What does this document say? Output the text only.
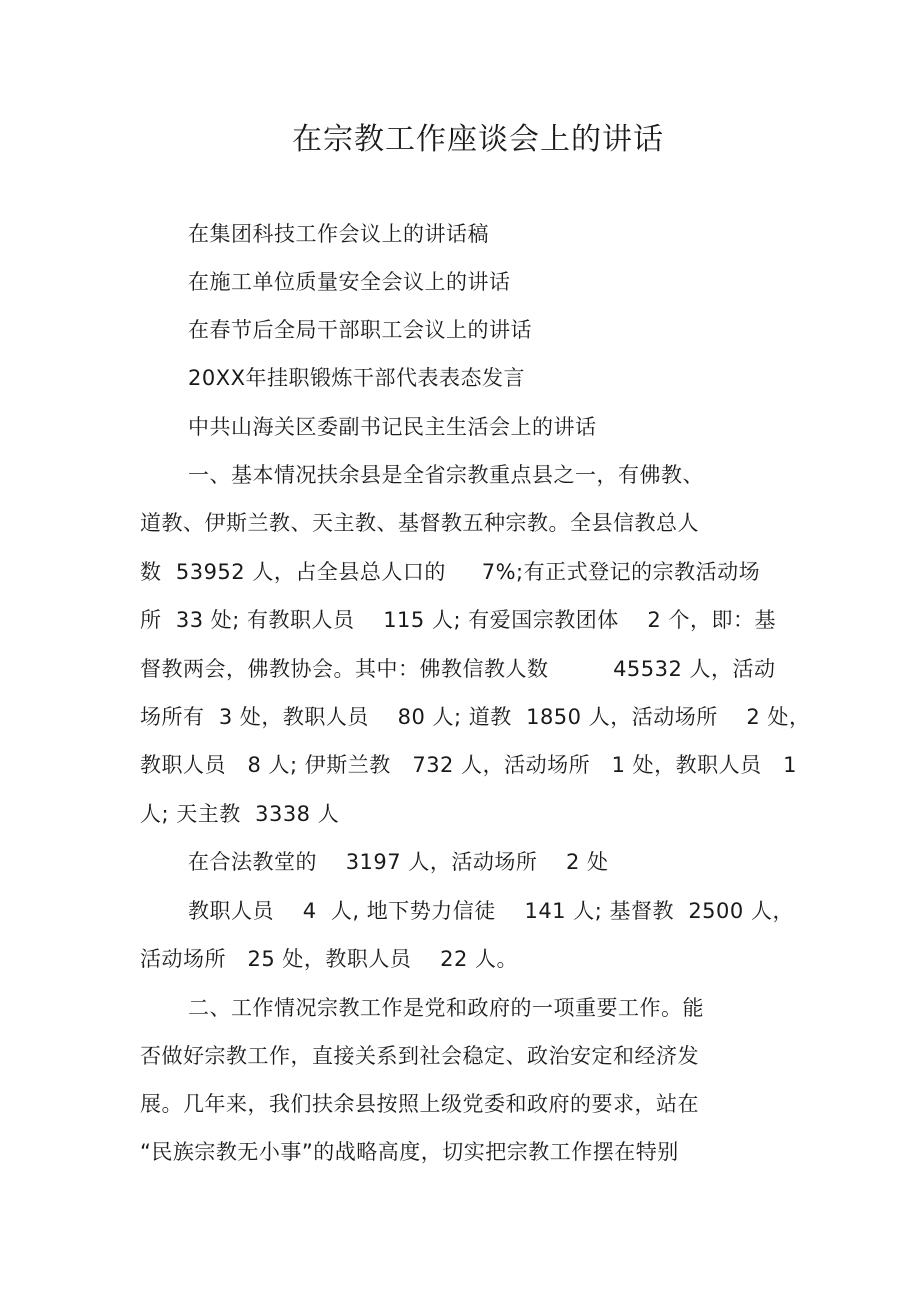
在宗教工作座谈会上的讲话
在集团科技工作会议上的讲话稿
在施工单位质量安全会议上的讲话
在春节后全局干部职工会议上的讲话
20XX年挂职锻炼干部代表表态发言
中共山海关区委副书记民主生活会上的讲话
一、基本情况扶余县是全省宗教重点县之一，有佛教、
道教、伊斯兰教、天主教、基督教五种宗教。全县信教总人
数  53952 人，占全县总人口的     7%;有正式登记的宗教活动场
所  33 处; 有教职人员    115 人; 有爱国宗教团体    2 个，即：基
督教两会，佛教协会。其中：佛教信教人数         45532 人，活动
场所有  3 处，教职人员    80 人; 道教  1850 人，活动场所    2 处，
教职人员   8 人; 伊斯兰教   732 人，活动场所   1 处，教职人员   1
人; 天主教  3338 人
在合法教堂的    3197 人，活动场所    2 处
教职人员    4  人, 地下势力信徒    141 人; 基督教  2500 人，
活动场所   25 处，教职人员    22 人。
二、工作情况宗教工作是党和政府的一项重要工作。能
否做好宗教工作，直接关系到社会稳定、政治安定和经济发
展。几年来，我们扶余县按照上级党委和政府的要求，站在
“民族宗教无小事”的战略高度，切实把宗教工作摆在特别
